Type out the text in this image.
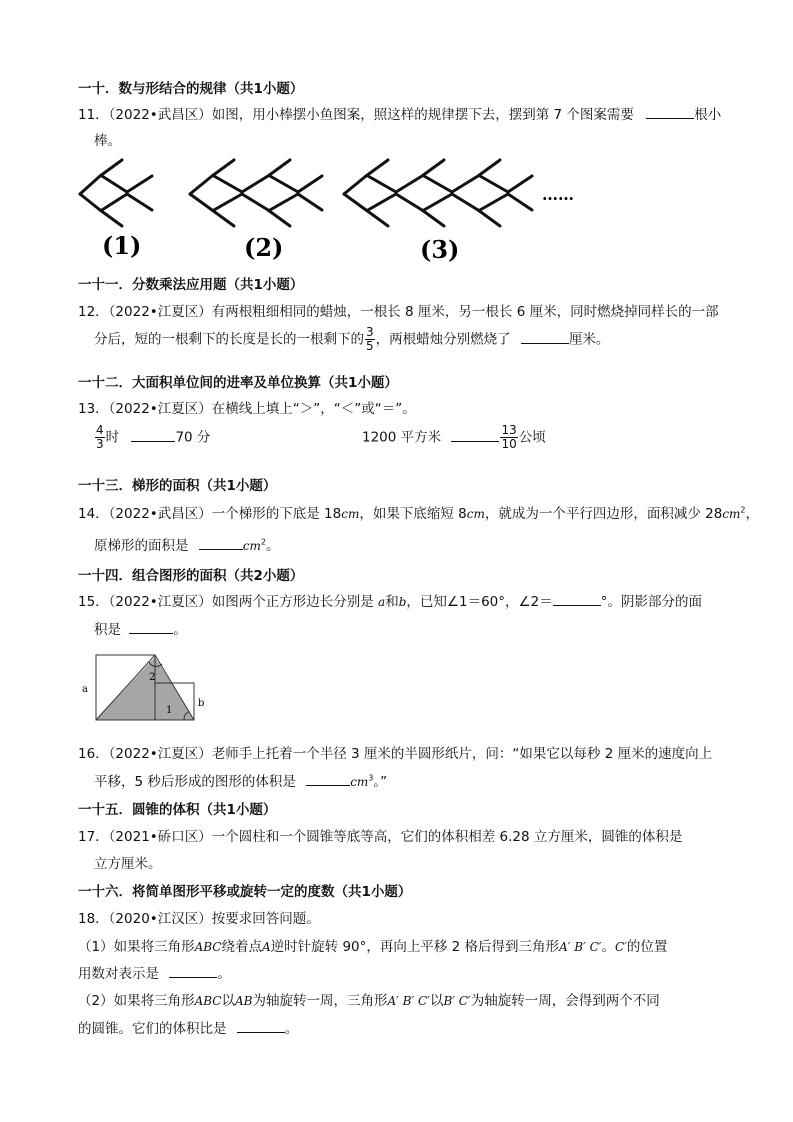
一十．数与形结合的规律（共1小题）
11．（2022•武昌区）如图，用小棒摆小鱼图案，照这样的规律摆下去，摆到第 7 个图案需要	根小
棒。
(1)	(2)	(3)
……
一十一．分数乘法应用题（共1小题）
12．（2022•江夏区）有两根粗细相同的蜡烛，一根长 8 厘米，另一根长 6 厘米，同时燃烧掉同样长的一部
分后，短的一根剩下的长度是长的一根剩下的 $\frac{3}{5}$ ，两根蜡烛分别燃烧了	厘米。
一十二．大面积单位间的进率及单位换算（共1小题）
13．（2022•江夏区）在横线上填上“＞”，“＜”或“＝”。
$\frac{4}{3}$ 时	70 分	1200 平方米	$\frac{13}{10}$ 公顷
一十三．梯形的面积（共1小题）
14．（2022•武昌区）一个梯形的下底是 18cm，如果下底缩短 8cm，就成为一个平行四边形，面积减少 $28cm^2$，
原梯形的面积是	$cm^2$。
一十四．组合图形的面积（共2小题）
15．（2022•江夏区）如图两个正方形边长分别是 a和b，已知∠1＝60°，∠2＝	°。阴影部分的面
积是	。
a
b
2
1
16．（2022•江夏区）老师手上托着一个半径 3 厘米的半圆形纸片，问：“如果它以每秒 2 厘米的速度向上
平移，5 秒后形成的图形的体积是	$cm^3$。”
一十五．圆锥的体积（共1小题）
17．（2021•硚口区）一个圆柱和一个圆锥等底等高，它们的体积相差 6.28 立方厘米，圆锥的体积是
立方厘米。
一十六．将简单图形平移或旋转一定的度数（共1小题）
18．（2020•江汉区）按要求回答问题。
（1）如果将三角形ABC绕着点A逆时针旋转 90°，再向上平移 2 格后得到三角形A′ B′ C′。C′的位置
用数对表示是	。
（2）如果将三角形ABC以AB为轴旋转一周，三角形A′ B′ C′以B′ C′为轴旋转一周，会得到两个不同
的圆锥。它们的体积比是	。
